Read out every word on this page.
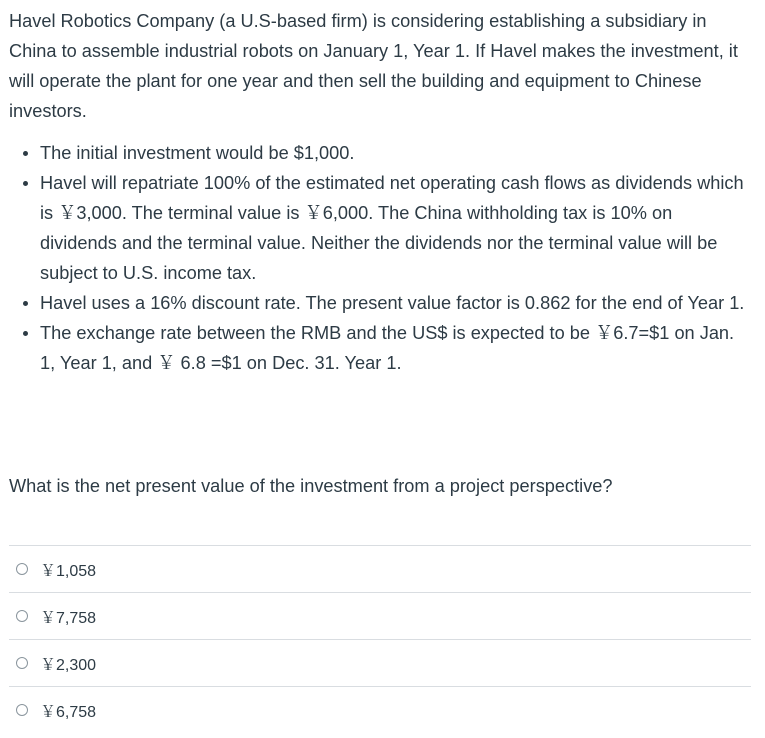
Havel Robotics Company (a U.S-based firm) is considering establishing a subsidiary in China to assemble industrial robots on January 1, Year 1. If Havel makes the investment, it will operate the plant for one year and then sell the building and equipment to Chinese investors.

The initial investment would be $1,000.
Havel will repatriate 100% of the estimated net operating cash flows as dividends which is ￥3,000. The terminal value is ￥6,000. The China withholding tax is 10% on dividends and the terminal value. Neither the dividends nor the terminal value will be subject to U.S. income tax.
Havel uses a 16% discount rate. The present value factor is 0.862 for the end of Year 1.
The exchange rate between the RMB and the US$ is expected to be ￥6.7=$1 on Jan. 1, Year 1, and ￥ 6.8 =$1 on Dec. 31. Year 1.

What is the net present value of the investment from a project perspective?

￥1,058
￥7,758
￥2,300
￥6,758
